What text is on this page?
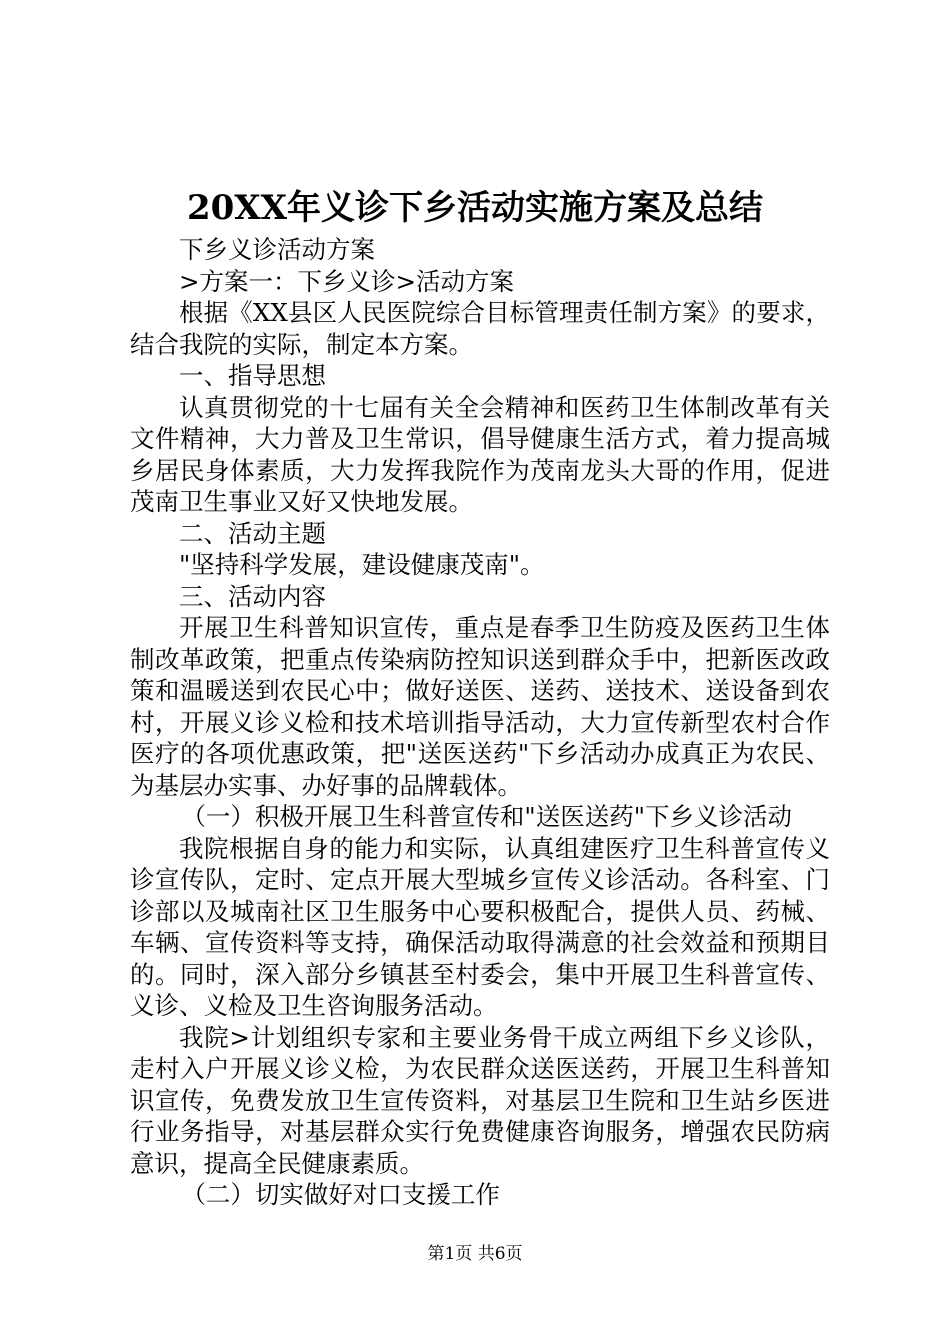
20XX年义诊下乡活动实施方案及总结

下乡义诊活动方案

>方案一：下乡义诊>活动方案

根据《XX县区人民医院综合目标管理责任制方案》的要求，结合我院的实际，制定本方案。

一、指导思想

认真贯彻党的十七届有关全会精神和医药卫生体制改革有关文件精神，大力普及卫生常识，倡导健康生活方式，着力提高城乡居民身体素质，大力发挥我院作为茂南龙头大哥的作用，促进茂南卫生事业又好又快地发展。

二、活动主题

"坚持科学发展，建设健康茂南"。

三、活动内容

开展卫生科普知识宣传，重点是春季卫生防疫及医药卫生体制改革政策，把重点传染病防控知识送到群众手中，把新医改政策和温暖送到农民心中；做好送医、送药、送技术、送设备到农村，开展义诊义检和技术培训指导活动，大力宣传新型农村合作医疗的各项优惠政策，把"送医送药"下乡活动办成真正为农民、为基层办实事、办好事的品牌载体。

（一）积极开展卫生科普宣传和"送医送药"下乡义诊活动

我院根据自身的能力和实际，认真组建医疗卫生科普宣传义诊宣传队，定时、定点开展大型城乡宣传义诊活动。各科室、门诊部以及城南社区卫生服务中心要积极配合，提供人员、药械、车辆、宣传资料等支持，确保活动取得满意的社会效益和预期目的。同时，深入部分乡镇甚至村委会，集中开展卫生科普宣传、义诊、义检及卫生咨询服务活动。

我院>计划组织专家和主要业务骨干成立两组下乡义诊队，走村入户开展义诊义检，为农民群众送医送药，开展卫生科普知识宣传，免费发放卫生宣传资料，对基层卫生院和卫生站乡医进行业务指导，对基层群众实行免费健康咨询服务，增强农民防病意识，提高全民健康素质。

（二）切实做好对口支援工作

第1页 共6页
